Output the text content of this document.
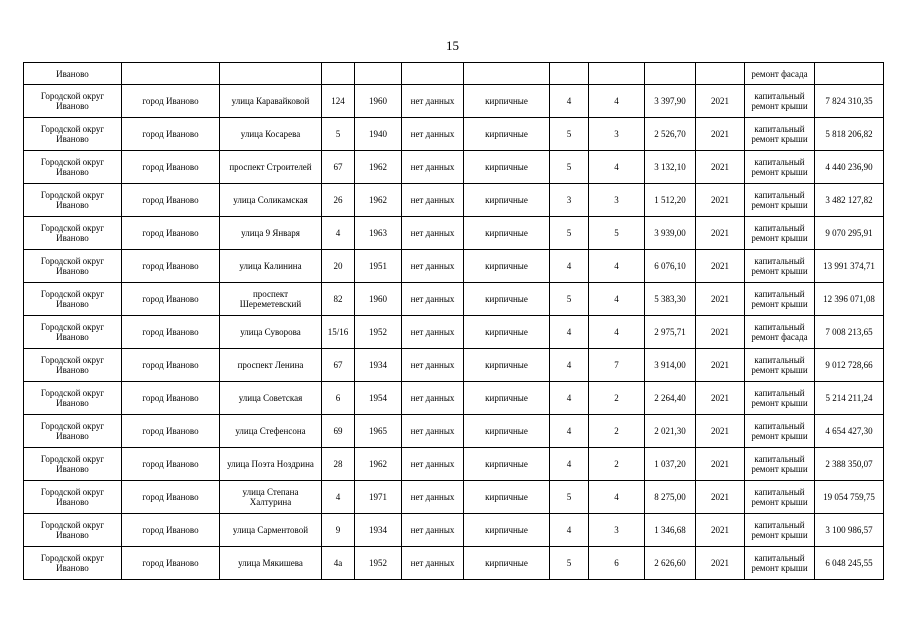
15
Иваново											ремонт фасада	
Городской округ Иваново	город Иваново	улица Каравайковой	124	1960	нет данных	кирпичные	4	4	3 397,90	2021	капитальный ремонт крыши	7 824 310,35
Городской округ Иваново	город Иваново	улица Косарева	5	1940	нет данных	кирпичные	5	3	2 526,70	2021	капитальный ремонт крыши	5 818 206,82
Городской округ Иваново	город Иваново	проспект Строителей	67	1962	нет данных	кирпичные	5	4	3 132,10	2021	капитальный ремонт крыши	4 440 236,90
Городской округ Иваново	город Иваново	улица Соликамская	26	1962	нет данных	кирпичные	3	3	1 512,20	2021	капитальный ремонт крыши	3 482 127,82
Городской округ Иваново	город Иваново	улица 9 Января	4	1963	нет данных	кирпичные	5	5	3 939,00	2021	капитальный ремонт крыши	9 070 295,91
Городской округ Иваново	город Иваново	улица Калинина	20	1951	нет данных	кирпичные	4	4	6 076,10	2021	капитальный ремонт крыши	13 991 374,71
Городской округ Иваново	город Иваново	проспект Шереметевский	82	1960	нет данных	кирпичные	5	4	5 383,30	2021	капитальный ремонт крыши	12 396 071,08
Городской округ Иваново	город Иваново	улица Суворова	15/16	1952	нет данных	кирпичные	4	4	2 975,71	2021	капитальный ремонт фасада	7 008 213,65
Городской округ Иваново	город Иваново	проспект Ленина	67	1934	нет данных	кирпичные	4	7	3 914,00	2021	капитальный ремонт крыши	9 012 728,66
Городской округ Иваново	город Иваново	улица Советская	6	1954	нет данных	кирпичные	4	2	2 264,40	2021	капитальный ремонт крыши	5 214 211,24
Городской округ Иваново	город Иваново	улица Стефенсона	69	1965	нет данных	кирпичные	4	2	2 021,30	2021	капитальный ремонт крыши	4 654 427,30
Городской округ Иваново	город Иваново	улица Поэта Ноздрина	28	1962	нет данных	кирпичные	4	2	1 037,20	2021	капитальный ремонт крыши	2 388 350,07
Городской округ Иваново	город Иваново	улица Степана Халтурина	4	1971	нет данных	кирпичные	5	4	8 275,00	2021	капитальный ремонт крыши	19 054 759,75
Городской округ Иваново	город Иваново	улица Сарментовой	9	1934	нет данных	кирпичные	4	3	1 346,68	2021	капитальный ремонт крыши	3 100 986,57
Городской округ Иваново	город Иваново	улица Мякишева	4а	1952	нет данных	кирпичные	5	6	2 626,60	2021	капитальный ремонт крыши	6 048 245,55
